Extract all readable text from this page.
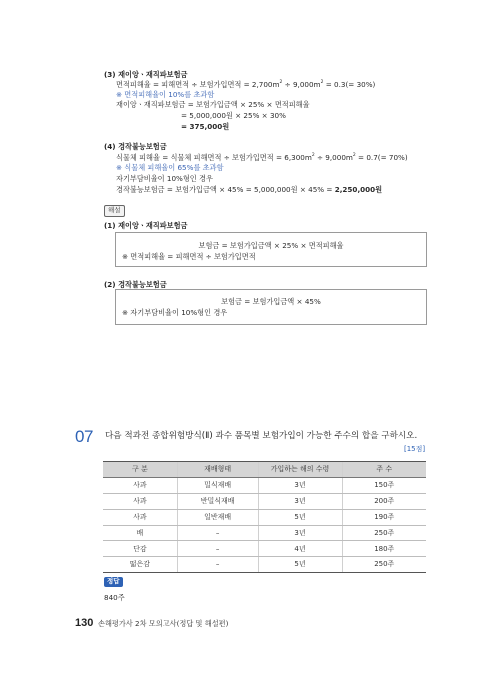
(3) 재이앙ㆍ재직파보험금
면적피해율 = 피해면적 ÷ 보험가입면적 = $2,700m^2 \div 9,000m^2 = 0.3(= 30\%)$
※ 면적피해율이 10%를 초과함
재이앙ㆍ재직파보험금 = 보험가입금액 × 25% × 면적피해율
= 5,000,000원 × 25% × 30%
= 375,000원
(4) 경작불능보험금
식물체 피해율 = 식물체 피해면적 ÷ 보험가입면적 = $6,300m^2 \div 9,000m^2 = 0.7(= 70\%)$
※ 식물체 피해율이 65%를 초과함
자기부담비율이 10%형인 경우
경작불능보험금 = 보험가입금액 × 45% = 5,000,000원 × 45% = 2,250,000원
해설
(1) 재이앙ㆍ재직파보험금
보험금 = 보험가입금액 × 25% × 면적피해율
※ 면적피해율 = 피해면적 ÷ 보험가입면적
(2) 경작불능보험금
보험금 = 보험가입금액 × 45%
※ 자기부담비율이 10%형인 경우
07 다음 적과전 종합위험방식(Ⅱ) 과수 품목별 보험가입이 가능한 주수의 합을 구하시오.
[15점]
구 분	재배형태	가입하는 해의 수령	주 수
사과	밀식재배	3년	150주
사과	반밀식재배	3년	200주
사과	일반재배	5년	190주
배	–	3년	250주
단감	–	4년	180주
떫은감	–	5년	250주
정답
840주
130 손해평가사 2차 모의고사(정답 및 해설편)
